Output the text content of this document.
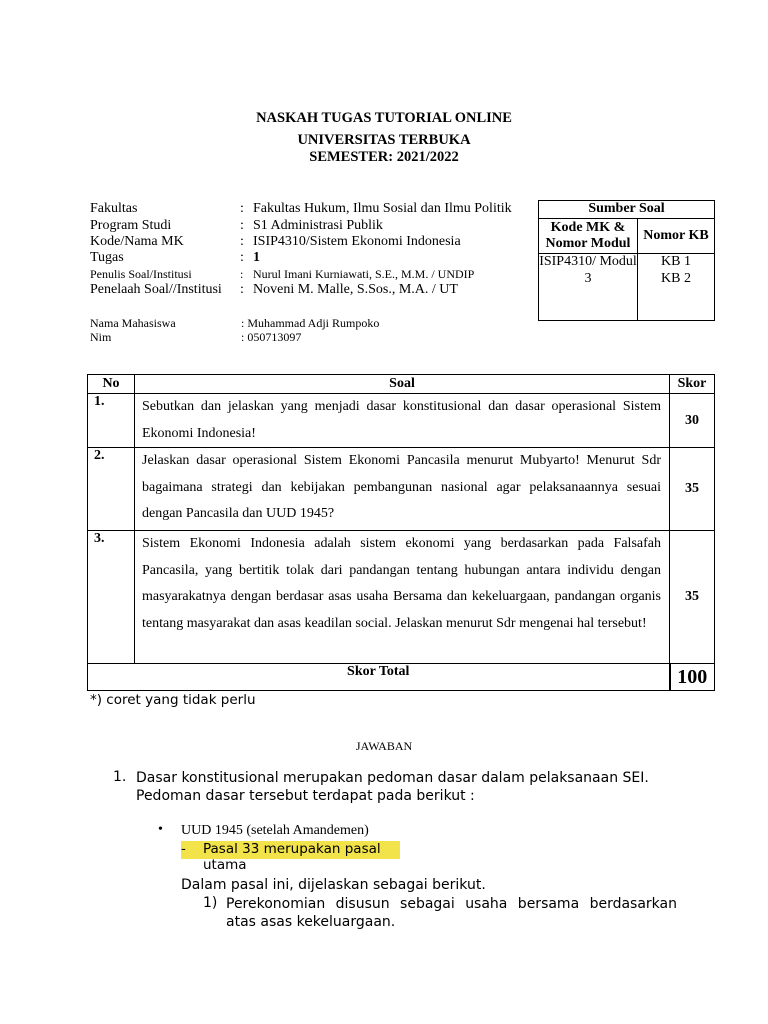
NASKAH TUGAS TUTORIAL ONLINE
UNIVERSITAS TERBUKA
SEMESTER: 2021/2022
Fakultas	: Fakultas Hukum, Ilmu Sosial dan Ilmu Politik
Program Studi	: S1 Administrasi Publik
Kode/Nama MK	: ISIP4310/Sistem Ekonomi Indonesia
Tugas	: 1
Penulis Soal/Institusi	: Nurul Imani Kurniawati, S.E., M.M. / UNDIP
Penelaah Soal//Institusi : Noveni M. Malle, S.Sos., M.A. / UT
Sumber Soal	
Kode MK & Nomor Modul	Nomor KB
ISIP4310/ Modul 3	KB 1
KB 2
Nama Mahasiswa	: Muhammad Adji Rumpoko
Nim	: 050713097
No	Soal	Skor
1.	Sebutkan dan jelaskan yang menjadi dasar konstitusional dan dasar operasional Sistem Ekonomi Indonesia!	30
2.	Jelaskan dasar operasional Sistem Ekonomi Pancasila menurut Mubyarto! Menurut Sdr bagaimana strategi dan kebijakan pembangunan nasional agar pelaksanaannya sesuai dengan Pancasila dan UUD 1945?	35
3.	Sistem Ekonomi Indonesia adalah sistem ekonomi yang berdasarkan pada Falsafah Pancasila, yang bertitik tolak dari pandangan tentang hubungan antara individu dengan masyarakatnya dengan berdasar asas usaha Bersama dan kekeluargaan, pandangan organis tentang masyarakat dan asas keadilan social. Jelaskan menurut Sdr mengenai hal tersebut!	35
Skor Total		100
*) coret yang tidak perlu
JAWABAN
1. Dasar konstitusional merupakan pedoman dasar dalam pelaksanaan SEI. Pedoman dasar tersebut terdapat pada berikut :
• UUD 1945 (setelah Amandemen)
- Pasal 33 merupakan pasal utama
Dalam pasal ini, dijelaskan sebagai berikut.
1) Perekonomian disusun sebagai usaha bersama berdasarkan atas asas kekeluargaan.
